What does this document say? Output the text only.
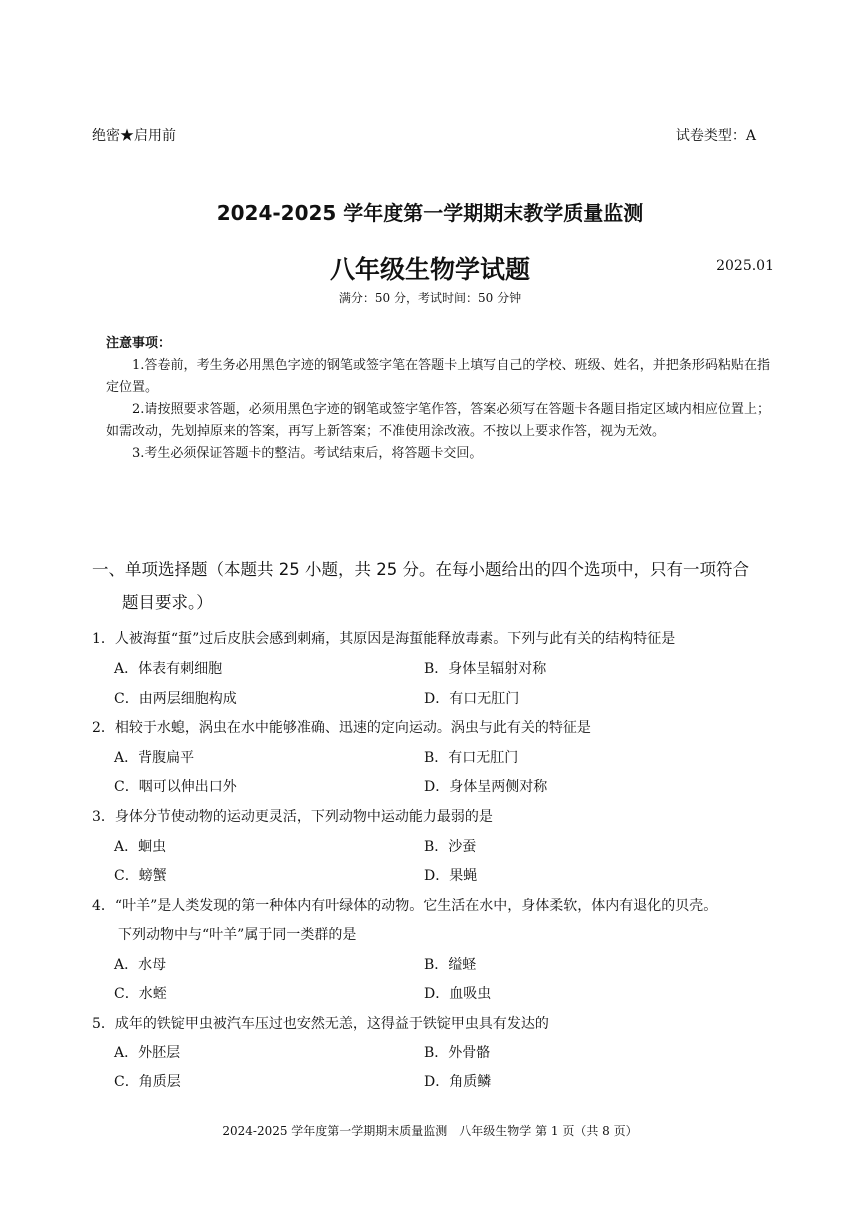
绝密★启用前	试卷类型：A
2024-2025 学年度第一学期期末教学质量监测
八年级生物学试题	2025.01
满分：50 分，考试时间：50 分钟
注意事项：
1.答卷前，考生务必用黑色字迹的钢笔或签字笔在答题卡上填写自己的学校、班级、姓名，并把条形码粘贴在指定位置。
2.请按照要求答题，必须用黑色字迹的钢笔或签字笔作答，答案必须写在答题卡各题目指定区域内相应位置上；如需改动，先划掉原来的答案，再写上新答案；不准使用涂改液。不按以上要求作答，视为无效。
3.考生必须保证答题卡的整洁。考试结束后，将答题卡交回。
一、单项选择题（本题共 25 小题，共 25 分。在每小题给出的四个选项中，只有一项符合
题目要求。）
1．人被海蜇“蜇”过后皮肤会感到刺痛，其原因是海蜇能释放毒素。下列与此有关的结构特征是
A．体表有刺细胞	B．身体呈辐射对称
C．由两层细胞构成	D．有口无肛门
2．相较于水螅，涡虫在水中能够准确、迅速的定向运动。涡虫与此有关的特征是
A．背腹扁平	B．有口无肛门
C．咽可以伸出口外	D．身体呈两侧对称
3．身体分节使动物的运动更灵活，下列动物中运动能力最弱的是
A．蛔虫	B．沙蚕
C．螃蟹	D．果蝇
4．“叶羊”是人类发现的第一种体内有叶绿体的动物。它生活在水中，身体柔软，体内有退化的贝壳。
下列动物中与“叶羊”属于同一类群的是
A．水母	B．缢蛏
C．水蛭	D．血吸虫
5．成年的铁锭甲虫被汽车压过也安然无恙，这得益于铁锭甲虫具有发达的
A．外胚层	B．外骨骼
C．角质层	D．角质鳞
2024-2025 学年度第一学期期末质量监测　八年级生物学 第 1 页（共 8 页）
